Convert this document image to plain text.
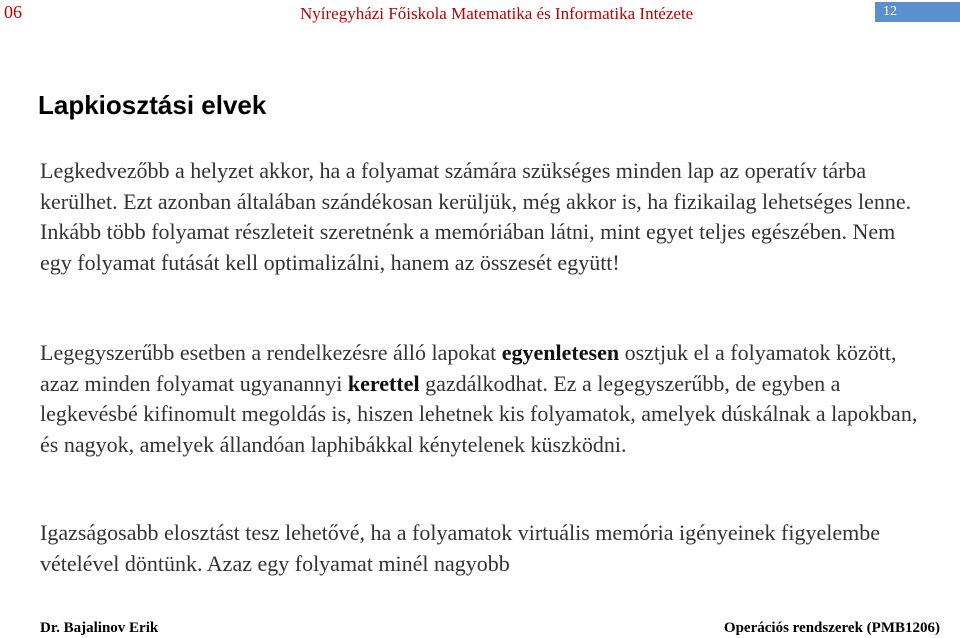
06	Nyíregyházi Főiskola Matematika és Informatika Intézete	12
Lapkiosztási elvek

Legkedvezőbb a helyzet akkor, ha a folyamat számára szükséges minden lap az operatív tárba kerülhet. Ezt azonban általában szándékosan kerüljük, még akkor is, ha fizikailag lehetséges lenne. Inkább több folyamat részleteit szeretnénk a memóriában látni, mint egyet teljes egészében. Nem egy folyamat futását kell optimalizálni, hanem az összesét együtt!

Legegyszerűbb esetben a rendelkezésre álló lapokat egyenletesen osztjuk el a folyamatok között, azaz minden folyamat ugyanannyi kerettel gazdálkodhat. Ez a legegyszerűbb, de egyben a legkevésbé kifinomult megoldás is, hiszen lehetnek kis folyamatok, amelyek dúskálnak a lapokban, és nagyok, amelyek állandóan laphibákkal kénytelenek küszködni.

Igazságosabb elosztást tesz lehetővé, ha a folyamatok virtuális memória igényeinek figyelembe vételével döntünk. Azaz egy folyamat minél nagyobb

Dr. Bajalinov Erik	Operációs rendszerek (PMB1206)
